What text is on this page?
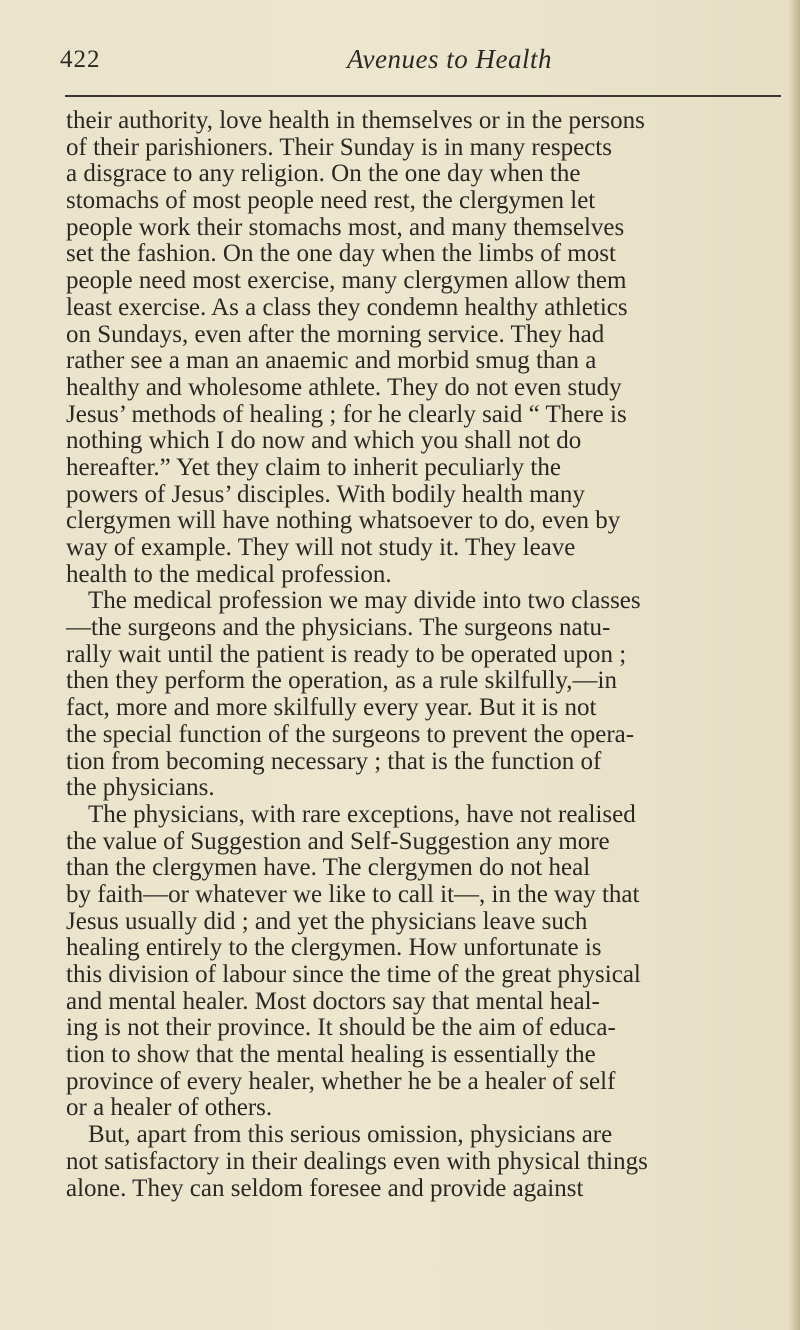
422	Avenues to Health
their authority, love health in themselves or in the persons
of their parishioners. Their Sunday is in many respects
a disgrace to any religion. On the one day when the
stomachs of most people need rest, the clergymen let
people work their stomachs most, and many themselves
set the fashion. On the one day when the limbs of most
people need most exercise, many clergymen allow them
least exercise. As a class they condemn healthy athletics
on Sundays, even after the morning service. They had
rather see a man an anaemic and morbid smug than a
healthy and wholesome athlete. They do not even study
Jesus’ methods of healing ; for he clearly said “ There is
nothing which I do now and which you shall not do
hereafter.” Yet they claim to inherit peculiarly the
powers of Jesus’ disciples. With bodily health many
clergymen will have nothing whatsoever to do, even by
way of example. They will not study it. They leave
health to the medical profession.
The medical profession we may divide into two classes
—the surgeons and the physicians. The surgeons natu-
rally wait until the patient is ready to be operated upon ;
then they perform the operation, as a rule skilfully,—in
fact, more and more skilfully every year. But it is not
the special function of the surgeons to prevent the opera-
tion from becoming necessary ; that is the function of
the physicians.
The physicians, with rare exceptions, have not realised
the value of Suggestion and Self-Suggestion any more
than the clergymen have. The clergymen do not heal
by faith—or whatever we like to call it—, in the way that
Jesus usually did ; and yet the physicians leave such
healing entirely to the clergymen. How unfortunate is
this division of labour since the time of the great physical
and mental healer. Most doctors say that mental heal-
ing is not their province. It should be the aim of educa-
tion to show that the mental healing is essentially the
province of every healer, whether he be a healer of self
or a healer of others.
But, apart from this serious omission, physicians are
not satisfactory in their dealings even with physical things
alone. They can seldom foresee and provide against
